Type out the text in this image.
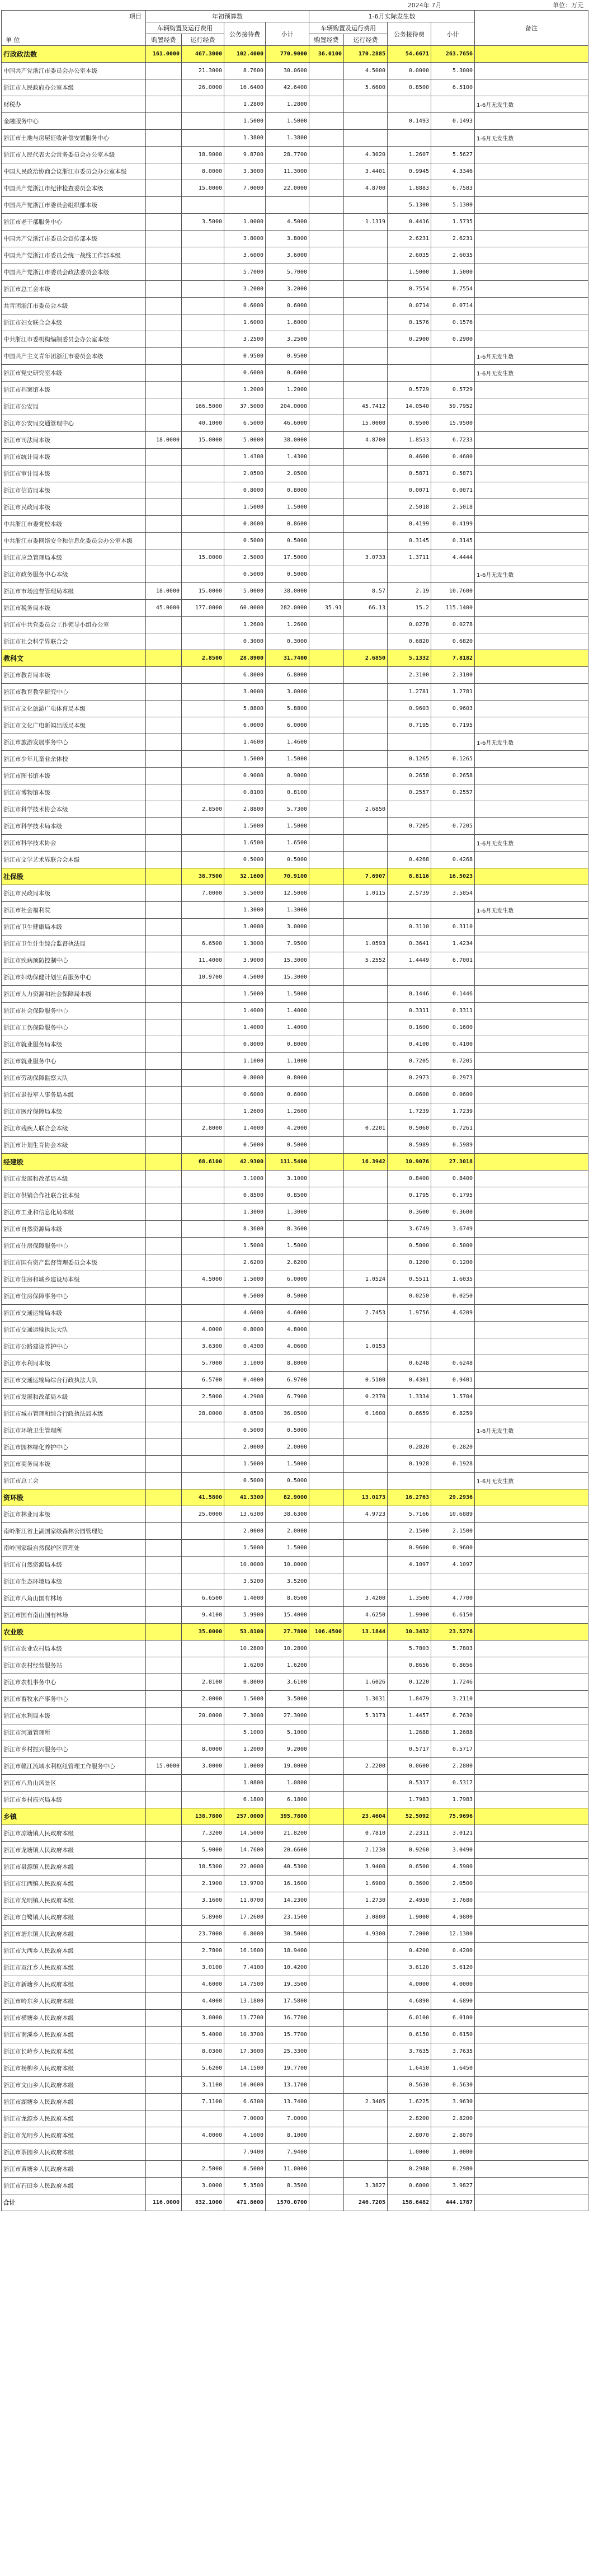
2024年 7月	单位：万元
项目
单 位	年初预算数				1-6月实际发生数				备注
	车辆购置及运行费用		公务接待费	小计	车辆购置及运行费用		公务接待费	小计	
	购置经费	运行经费			购置经费	运行经费			
行政政法数	161.0000	467.3000	102.4000	770.9000	36.0100	170.2885	54.6671	263.7656	
中国共产党浙江市委员会办公室本级		21.3000	8.7600	30.0600		4.5000	0.0000	5.3000	
浙江市人民政府办公室本级		26.0000	16.6400	42.6400		5.6600	0.8500	6.5100	
财税办			1.2800	1.2800					1-6月无发生数
金融服务中心			1.5000	1.5000			0.1493	0.1493	
浙江市土地与房屋征收补偿安置服务中心			1.3800	1.3800					1-6月无发生数
浙江市人民代表大会常务委员会办公室本级		18.9000	9.8700	28.7700		4.3020	1.2607	5.5627	
中国人民政治协商会议浙江市委员会办公室本级		8.0000	3.3000	11.3000		3.4401	0.9945	4.3346	
中国共产党浙江市纪律检查委员会本级		15.0000	7.0000	22.0000		4.8700	1.8883	6.7583	
中国共产党浙江市委员会组织部本级							5.1300	5.1300	
浙江市老干部服务中心		3.5000	1.0000	4.5000		1.1319	0.4416	1.5735	
中国共产党浙江市委员会宣传部本级			3.8000	3.8000			2.6231	2.6231	
中国共产党浙江市委员会统一战线工作部本级			3.6000	3.6000			2.6035	2.6035	
中国共产党浙江市委员会政法委员会本级			5.7000	5.7000			1.5000	1.5000	
浙江市总工会本级			3.2000	3.2000			0.7554	0.7554	
共青团浙江市委员会本级			0.6000	0.6000			0.0714	0.0714	
浙江市妇女联合会本级			1.6000	1.6000			0.1576	0.1576	
中共浙江市委机构编制委员会办公室本级			3.2500	3.2500			0.2900	0.2900	
中国共产主义青年团浙江市委员会本级			0.9500	0.9500					1-6月无发生数
浙江市党史研究室本级			0.6000	0.6000					1-6月无发生数
浙江市档案馆本级			1.2000	1.2000			0.5729	0.5729	
浙江市公安局		166.5000	37.5000	204.0000		45.7412	14.0540	59.7952	
浙江市公安局交通管理中心		40.1000	6.5000	46.6000		15.0000	0.9500	15.9500	
浙江市司法局本级	18.0000	15.0000	5.0000	38.0000		4.8700	1.8533	6.7233	
浙江市统计局本级			1.4300	1.4300			0.4600	0.4600	
浙江市审计局本级			2.0500	2.0500			0.5871	0.5871	
浙江市信访局本级			0.8000	0.8000			0.0071	0.0071	
浙江市民政局本级			1.5000	1.5000			2.5018	2.5018	
中共浙江市委党校本级			0.8600	0.8600			0.4199	0.4199	
中共浙江市委网络安全和信息化委员会办公室本级			0.5000	0.5000			0.3145	0.3145	
浙江市应急管理局本级		15.0000	2.5000	17.5000		3.0733	1.3711	4.4444	
浙江市政务服务中心本级			0.5000	0.5000					1-6月无发生数
浙江市市场监督管理局本级	18.0000	15.0000	5.0000	38.0000		8.57	2.19	10.7600	
浙江市税务局本级	45.0000	177.0000	60.0000	282.0000	35.91	66.13	15.2	115.1400	
浙江市中共党委员会工作领导小组办公室			1.2600	1.2600			0.0278	0.0278	
浙江市社会科学界联合会			0.3000	0.3000			0.6820	0.6820	
教科文		2.8500	28.8900	31.7400		2.6850	5.1332	7.8182	
浙江市教育局本级			6.8000	6.8000			2.3100	2.3100	
浙江市教育教学研究中心			3.0000	3.0000			1.2781	1.2781	
浙江市文化旅游广电体育局本级			5.8800	5.8800			0.9603	0.9603	
浙江市文化广电新闻出版局本级			6.0000	6.0000			0.7195	0.7195	
浙江市旅游发展事务中心			1.4600	1.4600					1-6月无发生数
浙江市少年儿童业余体校			1.5000	1.5000			0.1265	0.1265	
浙江市图书馆本级			0.9000	0.9000			0.2658	0.2658	
浙江市博物馆本级			0.8100	0.8100			0.2557	0.2557	
浙江市科学技术协会本级		2.8500	2.8800	5.7300		2.6850			
浙江市科学技术局本级			1.5000	1.5000			0.7205	0.7205	
浙江市科学技术协会			1.6500	1.6500					1-6月无发生数
浙江市文学艺术界联合会本级			0.5000	0.5000			0.4268	0.4268	
社保股		38.7500	32.1600	70.9100		7.6907	8.8116	16.5023	
浙江市民政局本级		7.0000	5.5000	12.5000		1.0115	2.5739	3.5854	
浙江市社会福利院			1.3000	1.3000					1-6月无发生数
浙江市卫生健康局本级			3.0000	3.0000			0.3110	0.3110	
浙江市卫生计生综合监督执法局		6.6500	1.3000	7.9500		1.0593	0.3641	1.4234	
浙江市疾病预防控制中心		11.4000	3.9000	15.3000		5.2552	1.4449	6.7001	
浙江市妇幼保健计划生育服务中心		10.9700	4.5000	15.3000					
浙江市人力资源和社会保障局本级			1.5000	1.5000			0.1446	0.1446	
浙江市社会保险服务中心			1.4000	1.4000			0.3311	0.3311	
浙江市工伤保险服务中心			1.4000	1.4000			0.1600	0.1600	
浙江市就业服务局本级			0.8000	0.8000			0.4100	0.4100	
浙江市就业服务中心			1.1000	1.1000			0.7205	0.7205	
浙江市劳动保障监察大队			0.8000	0.8000			0.2973	0.2973	
浙江市退役军人事务局本级			0.6000	0.6000			0.0600	0.0600	
浙江市医疗保障局本级			1.2600	1.2600			1.7239	1.7239	
浙江市残疾人联合会本级		2.8000	1.4000	4.2000		0.2201	0.5060	0.7261	
浙江市计划生育协会本级			0.5000	0.5000			0.5989	0.5989	
经建股		68.6100	42.9300	111.5400		16.3942	10.9076	27.3018	
浙江市发展和改革局本级			3.1000	3.1000			0.8400	0.8400	
浙江市供销合作社联合社本级			0.8500	0.8500			0.1795	0.1795	
浙江市工业和信息化局本级			1.3000	1.3000			0.3600	0.3600	
浙江市自然资源局本级			8.3600	8.3600			3.6749	3.6749	
浙江市住房保障服务中心			1.5000	1.5000			0.5000	0.5000	
浙江市国有资产监督管理委员会本级			2.6200	2.6200			0.1200	0.1200	
浙江市住房和城乡建设局本级		4.5000	1.5000	6.0000		1.0524	0.5511	1.6035	
浙江市住房保障事务中心			0.5000	0.5000			0.0250	0.0250	
浙江市交通运输局本级			4.6000	4.6000		2.7453	1.9756	4.6209	
浙江市交通运输执法大队		4.0000	0.8000	4.8000					
浙江市公路建设养护中心		3.6300	0.4300	4.0600		1.0153			
浙江市水利局本级		5.7000	3.1000	8.8000			0.6248	0.6248	
浙江市交通运输局综合行政执法大队		6.5700	0.4000	6.9700		0.5100	0.4301	0.9401	
浙江市发展和改革局本级		2.5000	4.2900	6.7900		0.2370	1.3334	1.5704	
浙江市城市管理和综合行政执法局本级		28.0000	8.0500	36.0500		6.1600	0.6659	6.8259	
浙江市环境卫生管理所			0.5000	0.5000					1-6月无发生数
浙江市园林绿化养护中心			2.0000	2.0000			0.2820	0.2820	
浙江市商务局本级			1.5000	1.5000			0.1928	0.1928	
浙江市总工会			0.5000	0.5000					1-6月无发生数
资环股		41.5800	41.3300	82.9000		13.0173	16.2763	29.2936	
浙江市林业局本级		25.0000	13.6300	38.6300		4.9723	5.7166	10.6889	
南岭浙江省上湖国家级森林公园管理处			2.0000	2.0000			2.1500	2.1500	
南岭国家级自然保护区管理处			1.5000	1.5000			0.9600	0.9600	
浙江市自然资源局本级			10.0000	10.0000			4.1097	4.1097	
浙江市生态环境局本级			3.5200	3.5200					
浙江市八角山国有林场		6.6500	1.4000	8.0500		3.4200	1.3500	4.7700	
浙江市国有南山国有林场		9.4100	5.9900	15.4000		4.6250	1.9900	6.6150	
农业股		35.0000	53.8100	27.7800	106.4500	13.1844	10.3432	23.5276	
浙江市农业农村局本级			10.2800	10.2800			5.7803	5.7803	
浙江市农村经营服务站			1.6200	1.6200			0.8656	0.8656	
浙江市农机事务中心		2.8100	0.8000	3.6100		1.6026	0.1220	1.7246	
浙江市畜牧水产事务中心		2.0000	1.5000	3.5000		1.3631	1.8479	3.2110	
浙江市水利局本级		20.0000	7.3000	27.3000		5.3173	1.4457	6.7630	
浙江市河道管理所			5.1000	5.1000			1.2688	1.2688	
浙江市乡村振兴服务中心		8.0000	1.2000	9.2000			0.5717	0.5717	
浙江市赣江流域水利枢纽管理工作服务中心	15.0000	3.0000	1.0000	19.0000		2.2200	0.0600	2.2800	
浙江市八角山风景区			1.0800	1.0800			0.5317	0.5317	
浙江市乡村振兴局本级			6.1800	6.1800			1.7983	1.7983	
乡镇		138.7800	257.0000	395.7800		23.4604	52.5092	75.9696	
浙江市凉塘镇人民政府本级		7.3200	14.5000	21.8200		0.7810	2.2311	3.0121	
浙江市龙塘镇人民政府本级		5.9000	14.7600	20.6600		2.1230	0.9260	3.0490	
浙江市泉源镇人民政府本级		18.5300	22.0000	40.5300		3.9400	0.6500	4.5900	
浙江市江西镇人民政府本级		2.1900	13.9700	16.1600		1.6900	0.3600	2.0500	
浙江市光明镇人民政府本级		3.1600	11.0700	14.2300		1.2730	2.4950	3.7680	
浙江市白鹭镇人民政府本级		5.8900	17.2600	23.1500		3.0800	1.9000	4.9800	
浙江市塘东镇人民政府本级		23.7000	6.8000	30.5000		4.9300	7.2000	12.1300	
浙江市大西乡人民政府本级		2.7800	16.1600	18.9400			0.4200	0.4200	
浙江市双江乡人民政府本级		3.0100	7.4100	10.4200			3.6120	3.6120	
浙江市新塘乡人民政府本级		4.6000	14.7500	19.3500			4.0000	4.0000	
浙江市岭东乡人民政府本级		4.4000	13.1800	17.5800			4.6890	4.6890	
浙江市横塘乡人民政府本级		3.0000	13.7700	16.7700			6.0100	6.0100	
浙江市南溪乡人民政府本级		5.4000	10.3700	15.7700			0.6150	0.6150	
浙江市长岭乡人民政府本级		8.0300	17.3000	25.3300			3.7635	3.7635	
浙江市杨柳乡人民政府本级		5.6200	14.1500	19.7700			1.6450	1.6450	
浙江市文山乡人民政府本级		3.1100	10.0600	13.1700			0.5630	0.5630	
浙江市湖塘乡人民政府本级		7.1100	6.6300	13.7400		2.3405	1.6225	3.9630	
浙江市龙源乡人民政府本级			7.0000	7.0000			2.8200	2.8200	
浙江市光明乡人民政府本级		4.0000	4.1000	8.1000			2.8070	2.8070	
浙江市茶园乡人民政府本级			7.9400	7.9400			1.0000	1.0000	
浙江市黄塘乡人民政府本级		2.5000	8.5000	11.0000			0.2980	0.2980	
浙江市石田乡人民政府本级		3.0000	5.3500	8.3500		3.3827	0.6000	3.9827	
合计	116.0000	832.1000	471.8600	1570.0700		246.7205	158.6482	444.1787	
